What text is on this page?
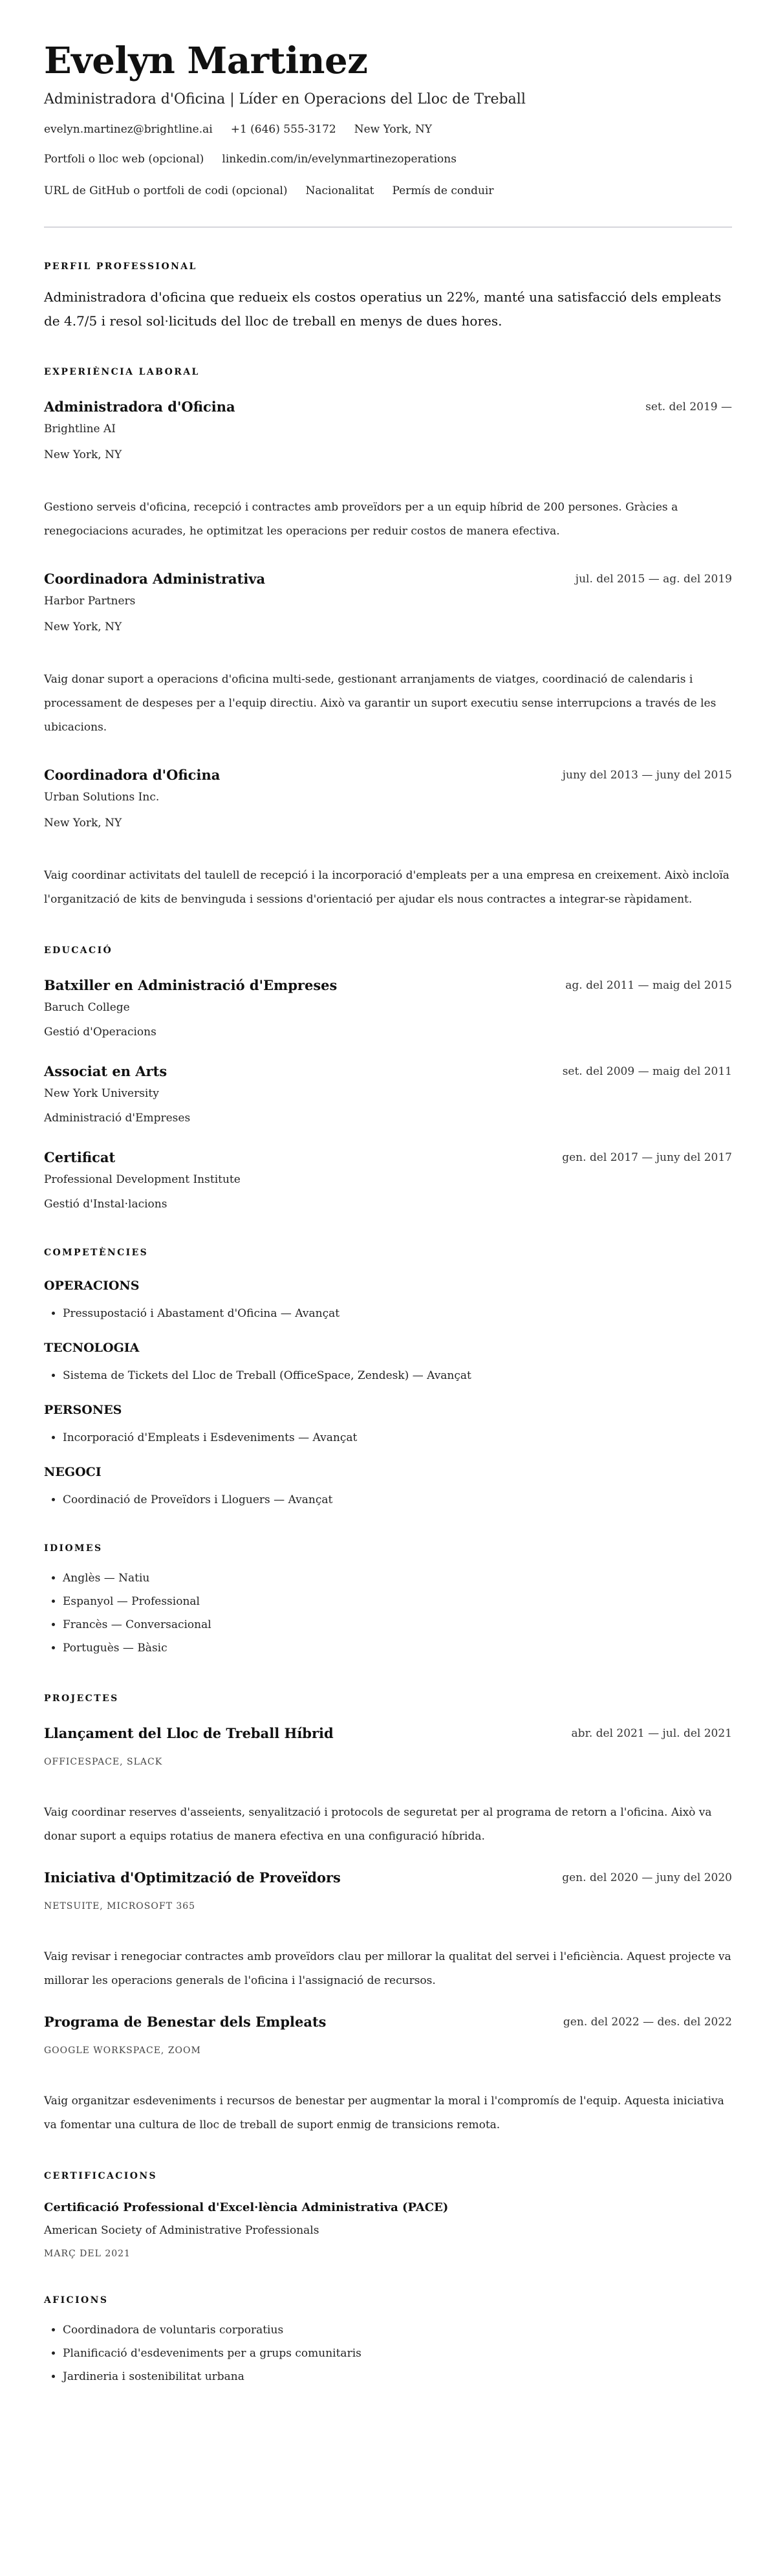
Evelyn Martinez
Administradora d'Oficina | Líder en Operacions del Lloc de Treball
evelyn.martinez@brightline.ai +1 (646) 555-3172 New York, NY
Portfoli o lloc web (opcional) linkedin.com/in/evelynmartinezoperations
URL de GitHub o portfoli de codi (opcional) Nacionalitat Permís de conduir
PERFIL PROFESSIONAL

Administradora d'oficina que redueix els costos operatius un 22%, manté una satisfacció dels empleats de 4.7/5 i resol sol·licituds del lloc de treball en menys de dues hores.

EXPERIÈNCIA LABORAL
Administradora d'Oficina	set. del 2019 —
Brightline AI
New York, NY
Gestiono serveis d'oficina, recepció i contractes amb proveïdors per a un equip híbrid de 200 persones. Gràcies a renegociacions acurades, he optimitzat les operacions per reduir costos de manera efectiva.
Coordinadora Administrativa	jul. del 2015 — ag. del 2019
Harbor Partners
New York, NY
Vaig donar suport a operacions d'oficina multi-sede, gestionant arranjaments de viatges, coordinació de calendaris i processament de despeses per a l'equip directiu. Això va garantir un suport executiu sense interrupcions a través de les ubicacions.
Coordinadora d'Oficina	juny del 2013 — juny del 2015
Urban Solutions Inc.
New York, NY
Vaig coordinar activitats del taulell de recepció i la incorporació d'empleats per a una empresa en creixement. Això incloïa l'organització de kits de benvinguda i sessions d'orientació per ajudar els nous contractes a integrar-se ràpidament.
EDUCACIÓ
Batxiller en Administració d'Empreses	ag. del 2011 — maig del 2015
Baruch College
Gestió d'Operacions
Associat en Arts	set. del 2009 — maig del 2011
New York University
Administració d'Empreses
Certificat	gen. del 2017 — juny del 2017
Professional Development Institute
Gestió d'Instal·lacions
COMPETÈNCIES
OPERACIONS
• Pressupostació i Abastament d'Oficina — Avançat
TECNOLOGIA
• Sistema de Tickets del Lloc de Treball (OfficeSpace, Zendesk) — Avançat
PERSONES
• Incorporació d'Empleats i Esdeveniments — Avançat
NEGOCI
• Coordinació de Proveïdors i Lloguers — Avançat
IDIOMES
• Anglès — Natiu
• Espanyol — Professional
• Francès — Conversacional
• Portuguès — Bàsic
PROJECTES
Llançament del Lloc de Treball Híbrid	abr. del 2021 — jul. del 2021
OFFICESPACE, SLACK
Vaig coordinar reserves d'asseients, senyalització i protocols de seguretat per al programa de retorn a l'oficina. Això va donar suport a equips rotatius de manera efectiva en una configuració híbrida.
Iniciativa d'Optimització de Proveïdors	gen. del 2020 — juny del 2020
NETSUITE, MICROSOFT 365
Vaig revisar i renegociar contractes amb proveïdors clau per millorar la qualitat del servei i l'eficiència. Aquest projecte va millorar les operacions generals de l'oficina i l'assignació de recursos.
Programa de Benestar dels Empleats	gen. del 2022 — des. del 2022
GOOGLE WORKSPACE, ZOOM
Vaig organitzar esdeveniments i recursos de benestar per augmentar la moral i l'compromís de l'equip. Aquesta iniciativa va fomentar una cultura de lloc de treball de suport enmig de transicions remota.
CERTIFICACIONS
Certificació Professional d'Excel·lència Administrativa (PACE)
American Society of Administrative Professionals
MARÇ DEL 2021
AFICIONS
• Coordinadora de voluntaris corporatius
• Planificació d'esdeveniments per a grups comunitaris
• Jardineria i sostenibilitat urbana
